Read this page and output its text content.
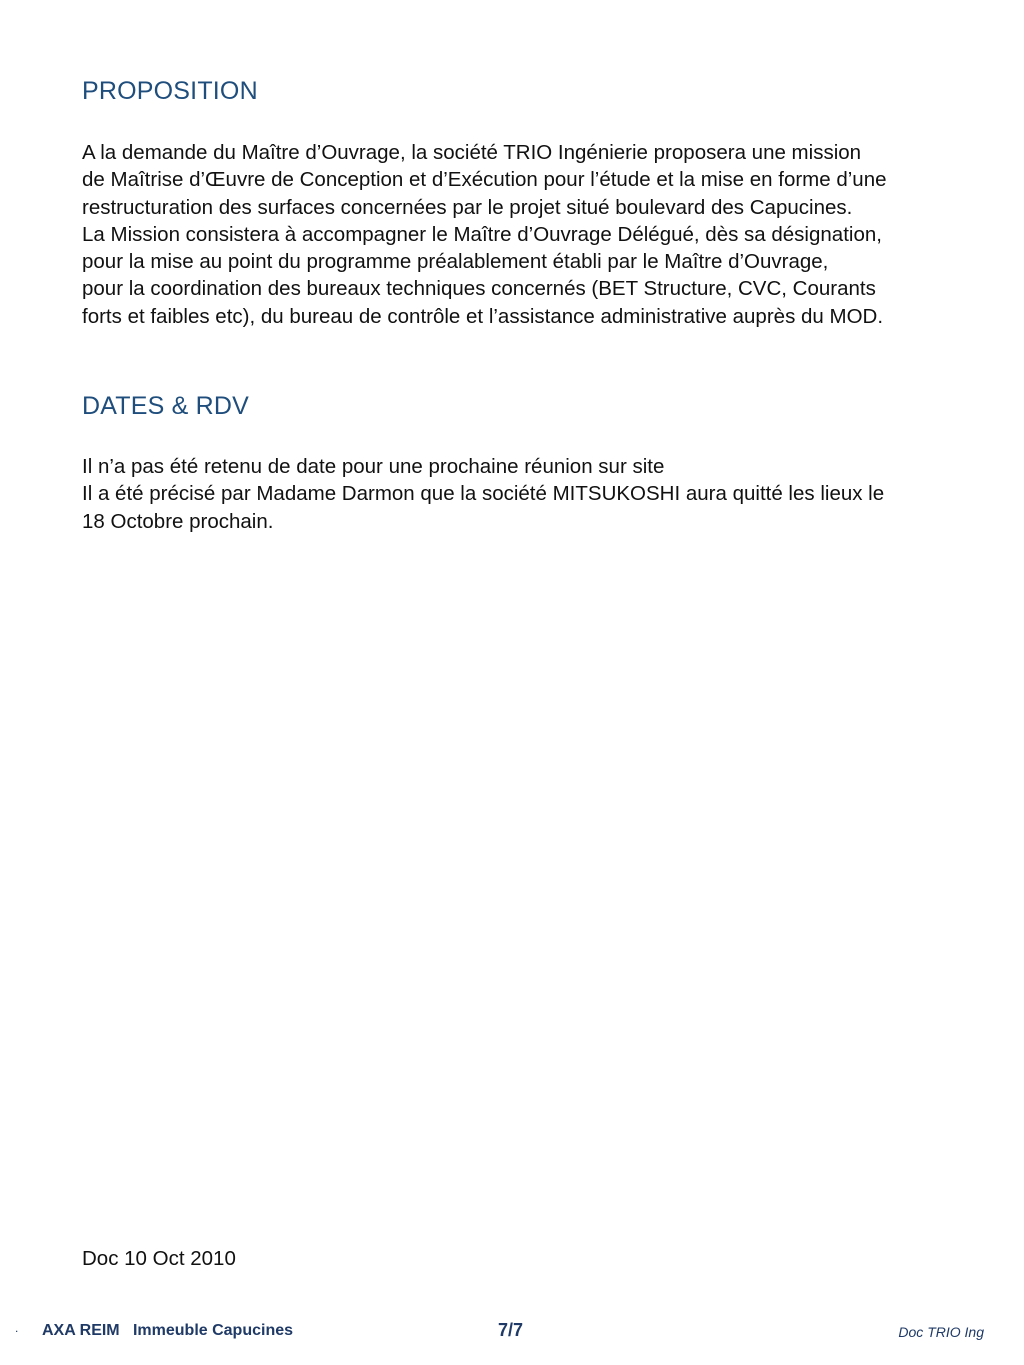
PROPOSITION
A la demande du Maître d’Ouvrage, la société TRIO Ingénierie proposera une mission
de Maîtrise d’Œuvre de Conception et d’Exécution pour l’étude et la mise en forme d’une
restructuration des surfaces concernées par le projet situé boulevard des Capucines.
La Mission consistera à accompagner le Maître d’Ouvrage Délégué, dès sa désignation,
pour la mise au point du programme préalablement établi par le Maître d’Ouvrage,
pour la coordination des bureaux techniques concernés (BET Structure, CVC, Courants
forts et faibles etc), du bureau de contrôle et l’assistance administrative auprès du MOD.
DATES & RDV
Il n’a pas été retenu de date pour une prochaine réunion sur site
Il a été précisé par Madame Darmon que la société MITSUKOSHI aura quitté les lieux le
18 Octobre prochain.
Doc 10 Oct 2010
. AXA REIM   Immeuble Capucines	7/7	Doc TRIO Ing
